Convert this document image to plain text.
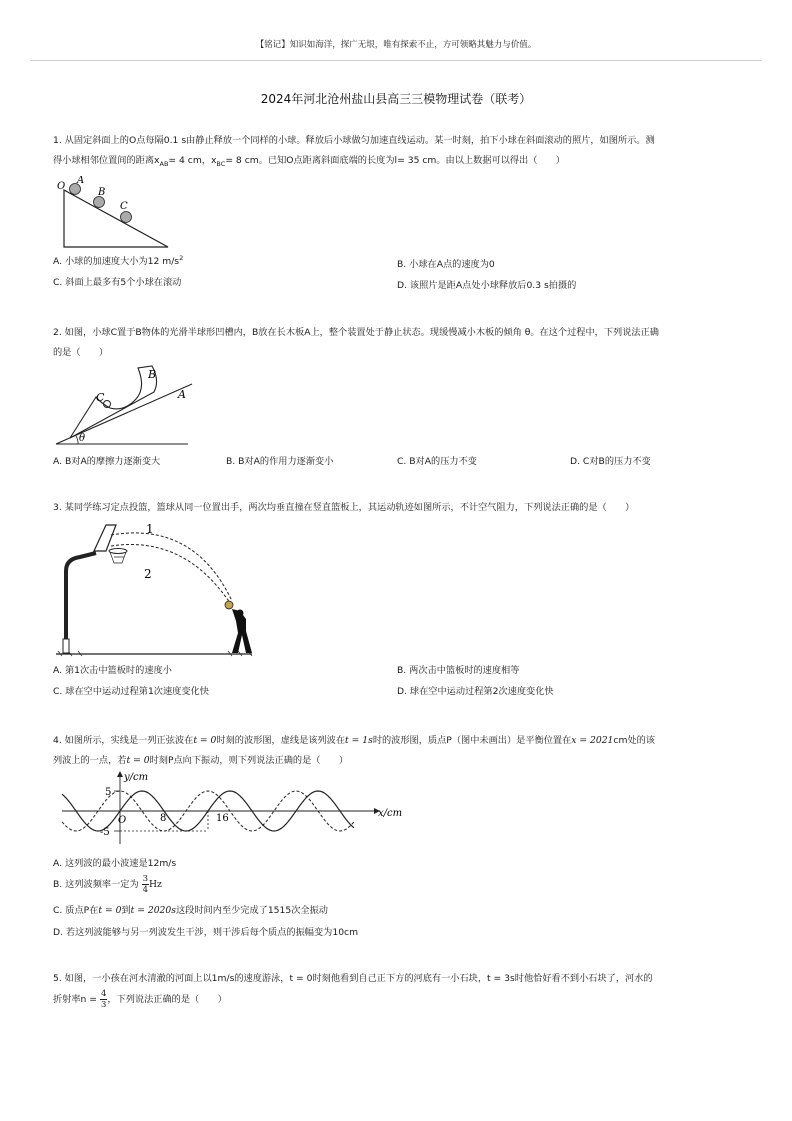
【铭记】知识如海洋，探广无垠，唯有探索不止，方可领略其魅力与价值。
2024年河北沧州盐山县高三三模物理试卷（联考）
1. 从固定斜面上的O点每隔0.1 s由静止释放一个同样的小球。释放后小球做匀加速直线运动。某一时刻，拍下小球在斜面滚动的照片，如图所示。测
得小球相邻位置间的距离$x_{AB}= 4$ cm，$x_{BC}= 8$ cm。已知O点距离斜面底端的长度为l= 35 cm。由以上数据可以得出（　　）
O
A
B
C
A. 小球的加速度大小为12 $m/s^2$
B. 小球在A点的速度为0
C. 斜面上最多有5个小球在滚动	D. 该照片是距A点处小球释放后0.3 s拍摄的
2. 如图，小球C置于B物体的光滑半球形凹槽内，B放在长木板A上，整个装置处于静止状态。现缓慢减小木板的倾角 θ。在这个过程中，下列说法正确
的是（　　）
C
B
A
θ
A. B对A的摩擦力逐渐变大	B. B对A的作用力逐渐变小	C. B对A的压力不变	D. C对B的压力不变
3. 某同学练习定点投篮，篮球从同一位置出手，两次均垂直撞在竖直篮板上，其运动轨迹如图所示，不计空气阻力，下列说法正确的是（　　）
1
2
A. 第1次击中篮板时的速度小	B. 两次击中篮板时的速度相等
C. 球在空中运动过程第1次速度变化快	D. 球在空中运动过程第2次速度变化快
4. 如图所示，实线是一列正弦波在t = 0时刻的波形图，虚线是该列波在t = 1s时的波形图，质点P（图中未画出）是平衡位置在x = 2021cm处的该
列波上的一点，若t = 0时刻P点向下振动，则下列说法正确的是（　　）
y/cm
x/cm
5
-5
O	8	16
A. 这列波的最小波速是12m/s
B. 这列波频率一定为 $\frac{3}{4}$ Hz
C. 质点P在t = 0到t = 2020s这段时间内至少完成了1515次全振动
D. 若这列波能够与另一列波发生干涉，则干涉后每个质点的振幅变为10cm
5. 如图，一小孩在河水清澈的河面上以1m/s的速度游泳，t = 0时刻他看到自己正下方的河底有一小石块，t = 3s时他恰好看不到小石块了，河水的
折射率$n = \frac{4}{3}$ ，下列说法正确的是（　　）
